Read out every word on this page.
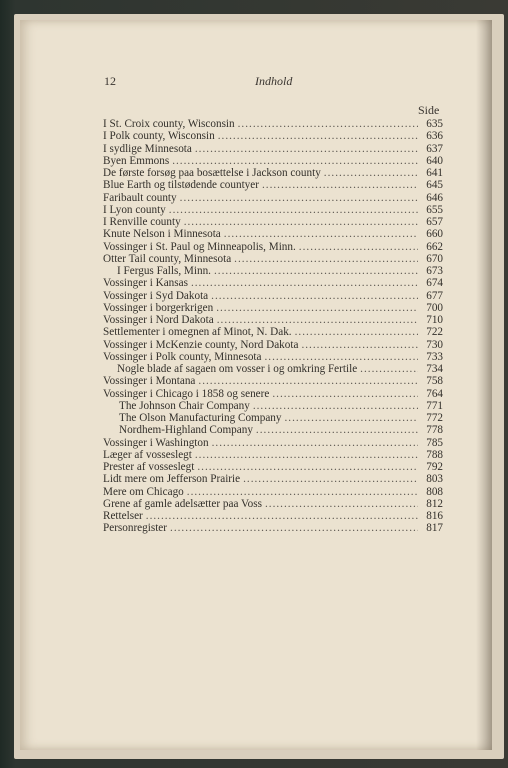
12	Indhold
Side
I St. Croix county, Wisconsin .....	635
I Polk county, Wisconsin .....	636
I sydlige Minnesota .....	637
Byen Emmons .....	640
De første forsøg paa bosættelse i Jackson county .....	641
Blue Earth og tilstødende countyer .....	645
Faribault county .....	646
I Lyon county .....	655
I Renville county .....	657
Knute Nelson i Minnesota .....	660
Vossinger i St. Paul og Minneapolis, Minn. .....	662
Otter Tail county, Minnesota .....	670
I Fergus Falls, Minn. .....	673
Vossinger i Kansas .....	674
Vossinger i Syd Dakota .....	677
Vossinger i borgerkrigen .....	700
Vossinger i Nord Dakota .....	710
Settlementer i omegnen af Minot, N. Dak. .....	722
Vossinger i McKenzie county, Nord Dakota .....	730
Vossinger i Polk county, Minnesota .....	733
Nogle blade af sagaen om vosser i og omkring Fertile .....	734
Vossinger i Montana .....	758
Vossinger i Chicago i 1858 og senere .....	764
The Johnson Chair Company .....	771
The Olson Manufacturing Company .....	772
Nordhem-Highland Company .....	778
Vossinger i Washington .....	785
Læger af vosseslegt .....	788
Prester af vosseslegt .....	792
Lidt mere om Jefferson Prairie .....	803
Mere om Chicago .....	808
Grene af gamle adelsætter paa Voss .....	812
Rettelser .....	816
Personregister .....	817
